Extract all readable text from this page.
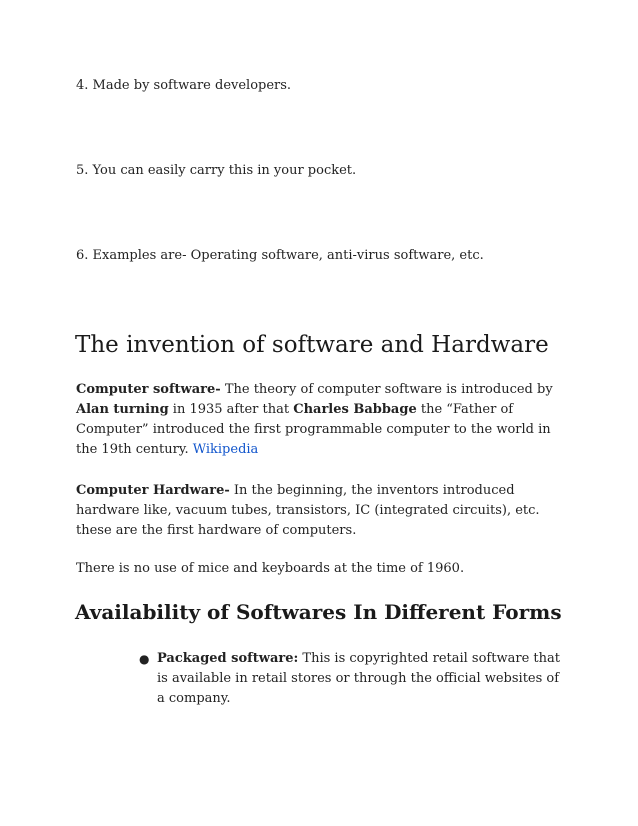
4. Made by software developers.
5. You can easily carry this in your pocket.
6. Examples are- Operating software, anti-virus software, etc.
The invention of software and Hardware
Computer software- The theory of computer software is introduced by Alan turning in 1935 after that Charles Babbage the “Father of Computer” introduced the first programmable computer to the world in the 19th century. Wikipedia
Computer Hardware- In the beginning, the inventors introduced hardware like, vacuum tubes, transistors, IC (integrated circuits), etc. these are the first hardware of computers.
There is no use of mice and keyboards at the time of 1960.
Availability of Softwares In Different Forms
● Packaged software: This is copyrighted retail software that is available in retail stores or through the official websites of a company.
